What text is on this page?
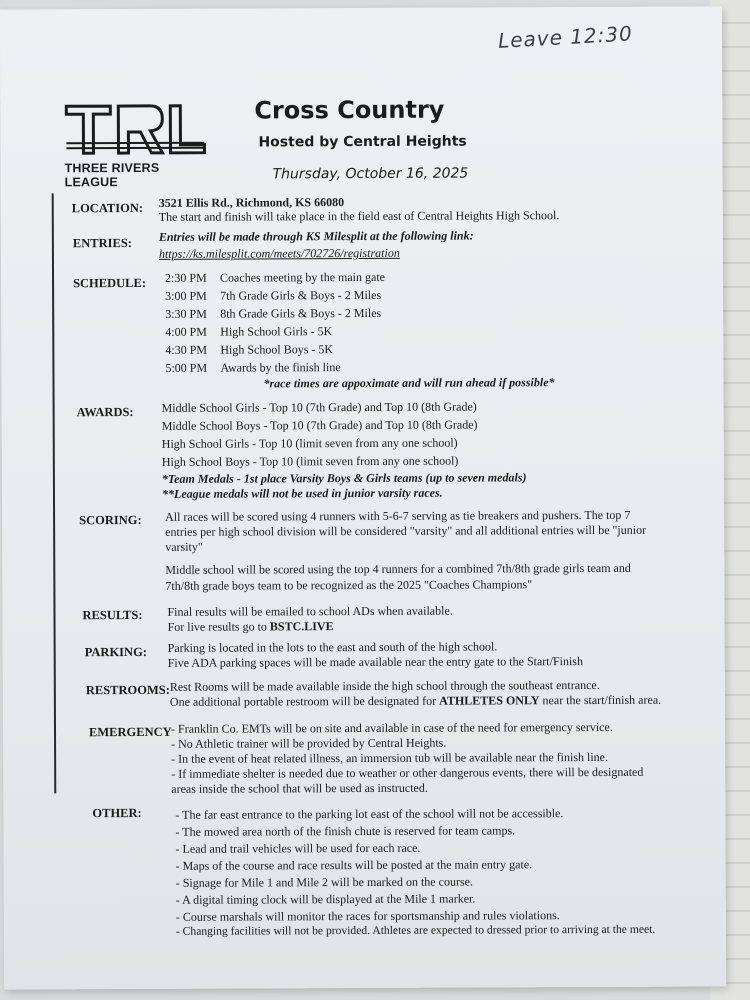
Leave 12:30
THREE RIVERS LEAGUE
Cross Country
Hosted by Central Heights
Thursday, October 16, 2025
LOCATION: 3521 Ellis Rd., Richmond, KS 66080
The start and finish will take place in the field east of Central Heights High School.
ENTRIES: Entries will be made through KS Milesplit at the following link:
https://ks.milesplit.com/meets/702726/registration
SCHEDULE: 2:30 PM Coaches meeting by the main gate
3:00 PM 7th Grade Girls & Boys - 2 Miles
3:30 PM 8th Grade Girls & Boys - 2 Miles
4:00 PM High School Girls - 5K
4:30 PM High School Boys - 5K
5:00 PM Awards by the finish line
*race times are appoximate and will run ahead if possible*
AWARDS: Middle School Girls - Top 10 (7th Grade) and Top 10 (8th Grade)
Middle School Boys - Top 10 (7th Grade) and Top 10 (8th Grade)
High School Girls - Top 10 (limit seven from any one school)
High School Boys - Top 10 (limit seven from any one school)
*Team Medals - 1st place Varsity Boys & Girls teams (up to seven medals)
**League medals will not be used in junior varsity races.
SCORING: All races will be scored using 4 runners with 5-6-7 serving as tie breakers and pushers. The top 7
entries per high school division will be considered "varsity" and all additional entries will be "junior
varsity"
Middle school will be scored using the top 4 runners for a combined 7th/8th grade girls team and
7th/8th grade boys team to be recognized as the 2025 "Coaches Champions"
RESULTS: Final results will be emailed to school ADs when available.
For live results go to BSTC.LIVE
PARKING: Parking is located in the lots to the east and south of the high school.
Five ADA parking spaces will be made available near the entry gate to the Start/Finish
RESTROOMS: Rest Rooms will be made available inside the high school through the southeast entrance.
One additional portable restroom will be designated for ATHLETES ONLY near the start/finish area.
EMERGENCY - Franklin Co. EMTs will be on site and available in case of the need for emergency service.
- No Athletic trainer will be provided by Central Heights.
- In the event of heat related illness, an immersion tub will be available near the finish line.
- If immediate shelter is needed due to weather or other dangerous events, there will be designated
areas inside the school that will be used as instructed.
OTHER:	- The far east entrance to the parking lot east of the school will not be accessible.
- The mowed area north of the finish chute is reserved for team camps.
- Lead and trail vehicles will be used for each race.
- Maps of the course and race results will be posted at the main entry gate.
- Signage for Mile 1 and Mile 2 will be marked on the course.
- A digital timing clock will be displayed at the Mile 1 marker.
- Course marshals will monitor the races for sportsmanship and rules violations.
- Changing facilities will not be provided. Athletes are expected to dressed prior to arriving at the meet.
